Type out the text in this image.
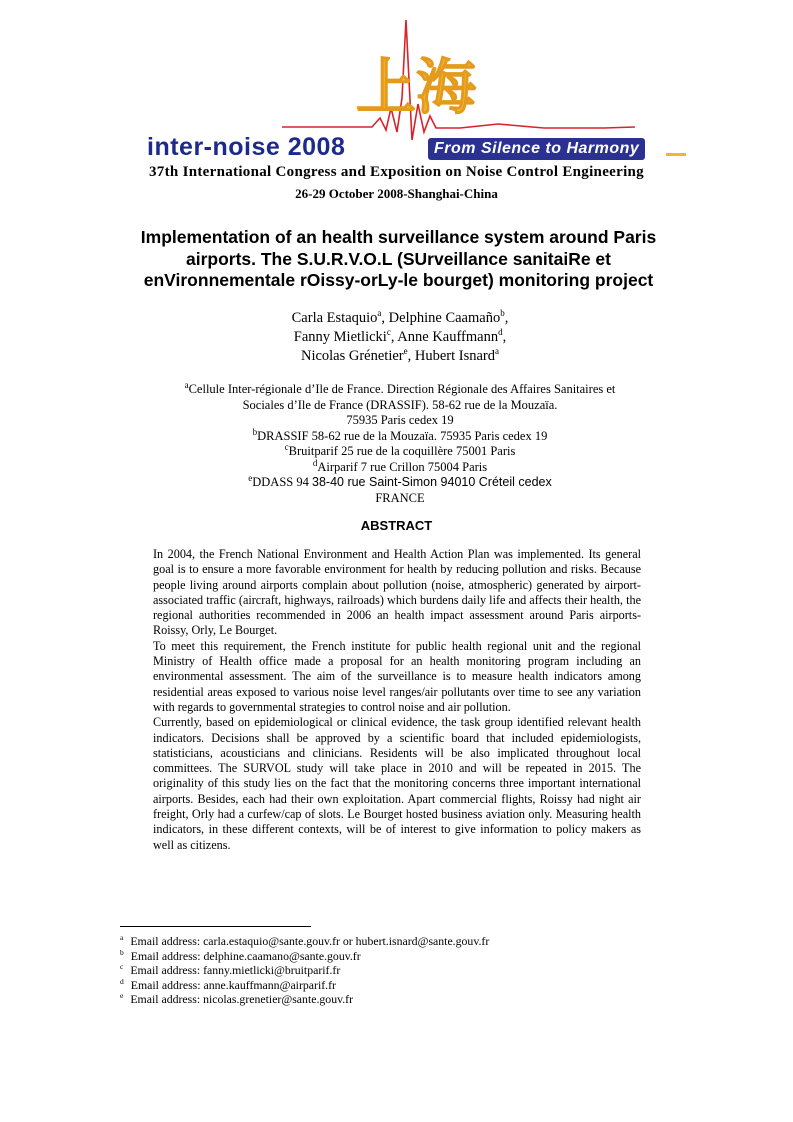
上海
inter-noise 2008	From Silence to Harmony
37th International Congress and Exposition on Noise Control Engineering
26-29 October 2008-Shanghai-China
Implementation of an health surveillance system around Paris
airports. The S.U.R.V.O.L (SUrveillance sanitaiRe et
enVironnementale rOissy-orLy-le bourget) monitoring project
Carla Estaquio$^a$, Delphine Caamaño$^b$,
Fanny Mietlicki$^c$, Anne Kauffmann$^d$,
Nicolas Grénetier$^e$, Hubert Isnard$^a$
$^a$Cellule Inter-régionale d’Ile de France. Direction Régionale des Affaires Sanitaires et
Sociales d’Ile de France (DRASSIF). 58-62 rue de la Mouzaïa.
75935 Paris cedex 19
$^b$DRASSIF 58-62 rue de la Mouzaïa. 75935 Paris cedex 19
$^c$Bruitparif 25 rue de la coquillère 75001 Paris
$^d$Airparif 7 rue Crillon 75004 Paris
$^e$DDASS 94 38-40 rue Saint-Simon 94010 Créteil cedex
FRANCE
ABSTRACT

In 2004, the French National Environment and Health Action Plan was implemented. Its general goal is to ensure a more favorable environment for health by reducing pollution and risks. Because people living around airports complain about pollution (noise, atmospheric) generated by airport-associated traffic (aircraft, highways, railroads) which burdens daily life and affects their health, the regional authorities recommended in 2006 an health impact assessment around Paris airports-Roissy, Orly, Le Bourget.

To meet this requirement, the French institute for public health regional unit and the regional Ministry of Health office made a proposal for an health monitoring program including an environmental assessment. The aim of the surveillance is to measure health indicators among residential areas exposed to various noise level ranges/air pollutants over time to see any variation with regards to governmental strategies to control noise and air pollution.

Currently, based on epidemiological or clinical evidence, the task group identified relevant health indicators. Decisions shall be approved by a scientific board that included epidemiologists, statisticians, acousticians and clinicians. Residents will be also implicated throughout local committees. The SURVOL study will take place in 2010 and will be repeated in 2015. The originality of this study lies on the fact that the monitoring concerns three important international airports. Besides, each had their own exploitation. Apart commercial flights, Roissy had night air freight, Orly had a curfew/cap of slots. Le Bourget hosted business aviation only. Measuring health indicators, in these different contexts, will be of interest to give information to policy makers as well as citizens.

$^a$ Email address: carla.estaquio@sante.gouv.fr or hubert.isnard@sante.gouv.fr
$^b$ Email address: delphine.caamano@sante.gouv.fr
$^c$ Email address: fanny.mietlicki@bruitparif.fr
$^d$ Email address: anne.kauffmann@airparif.fr
$^e$ Email address: nicolas.grenetier@sante.gouv.fr
